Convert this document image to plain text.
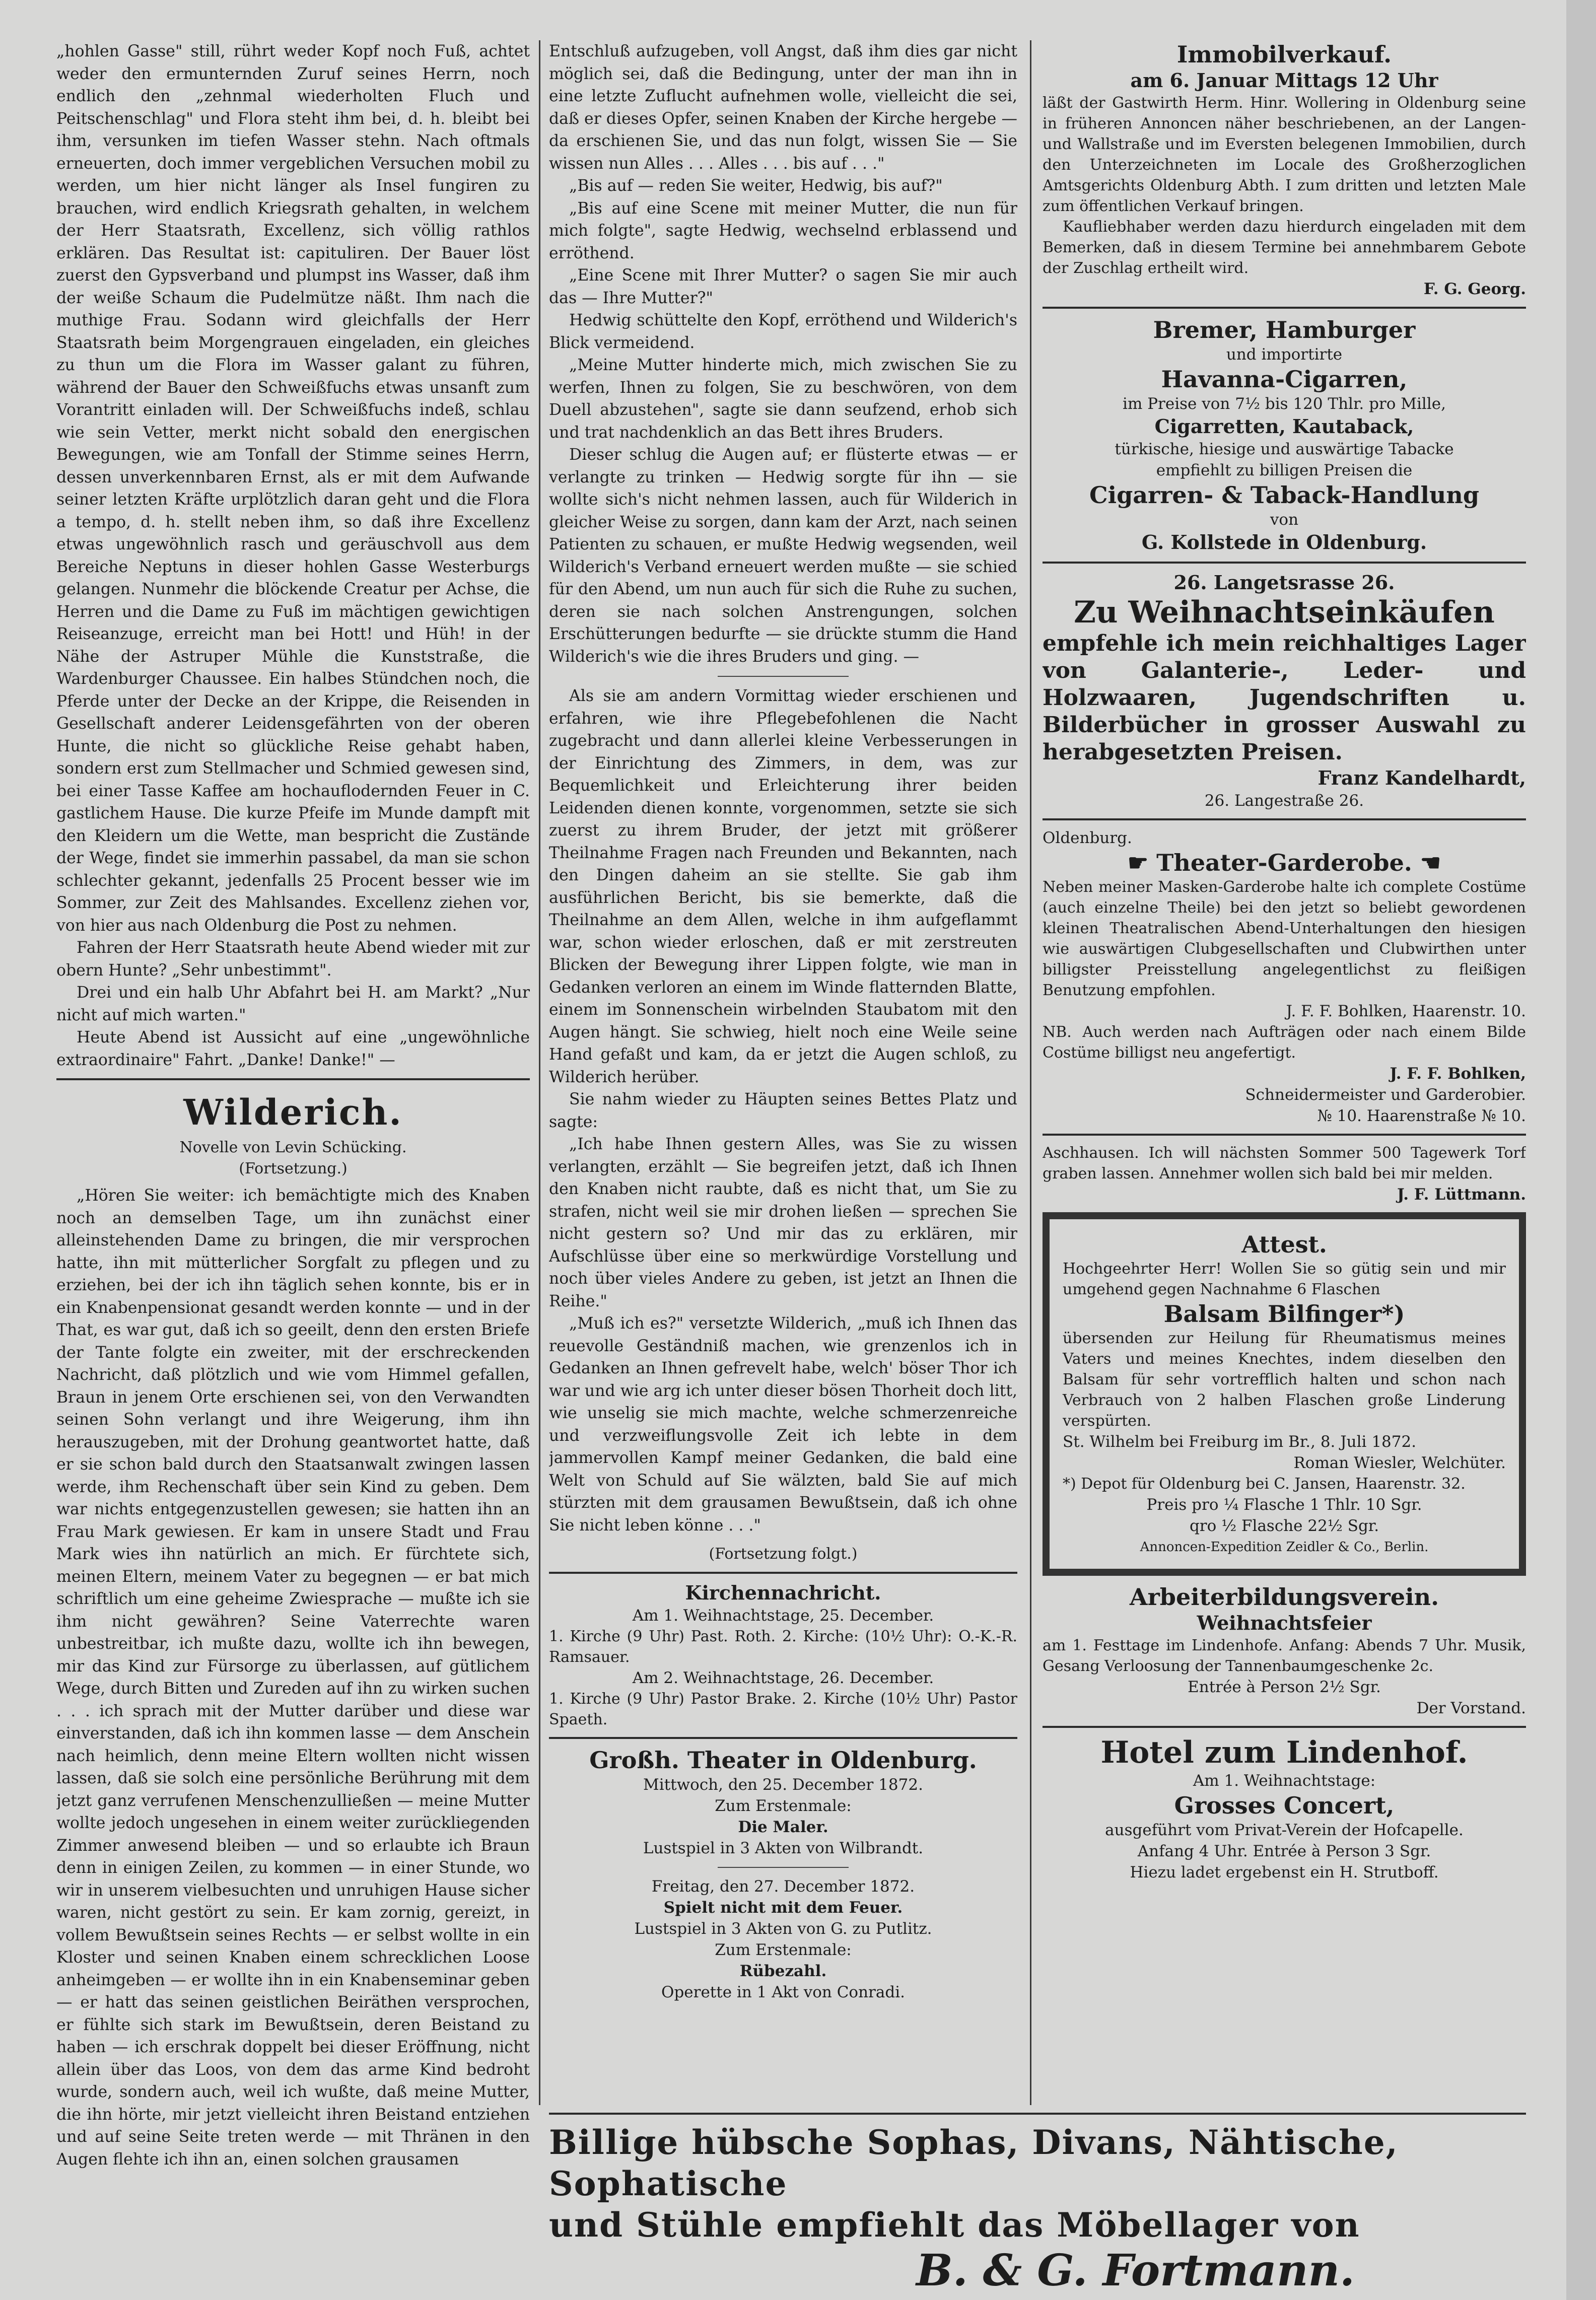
„hohlen Gasse" still, rührt weder Kopf noch Fuß, achtet weder den ermunternden Zuruf seines Herrn, noch endlich den „zehnmal wiederholten Fluch und Peitschenschlag" und Flora steht ihm bei, d. h. bleibt bei ihm, versunken im tiefen Wasser stehn. Nach oftmals erneuerten, doch immer vergeblichen Versuchen mobil zu werden, um hier nicht länger als Insel fungiren zu brauchen, wird endlich Kriegsrath gehalten, in welchem der Herr Staatsrath, Excellenz, sich völlig rathlos erklären. Das Resultat ist: capituliren. Der Bauer löst zuerst den Gypsverband und plumpst ins Wasser, daß ihm der weiße Schaum die Pudelmütze näßt. Ihm nach die muthige Frau. Sodann wird gleichfalls der Herr Staatsrath beim Morgengrauen eingeladen, ein gleiches zu thun um die Flora im Wasser galant zu führen, während der Bauer den Schweißfuchs etwas unsanft zum Vorantritt einladen will. Der Schweißfuchs indeß, schlau wie sein Vetter, merkt nicht sobald den energischen Bewegungen, wie am Tonfall der Stimme seines Herrn, dessen unverkennbaren Ernst, als er mit dem Aufwande seiner letzten Kräfte urplötzlich daran geht und die Flora a tempo, d. h. stellt neben ihm, so daß ihre Excellenz etwas ungewöhnlich rasch und geräuschvoll aus dem Bereiche Neptuns in dieser hohlen Gasse Westerburgs gelangen. Nunmehr die blöckende Creatur per Achse, die Herren und die Dame zu Fuß im mächtigen gewichtigen Reiseanzuge, erreicht man bei Hott! und Hüh! in der Nähe der Astruper Mühle die Kunststraße, die Wardenburger Chaussee. Ein halbes Stündchen noch, die Pferde unter der Decke an der Krippe, die Reisenden in Gesellschaft anderer Leidensgefährten von der oberen Hunte, die nicht so glückliche Reise gehabt haben, sondern erst zum Stellmacher und Schmied gewesen sind, bei einer Tasse Kaffee am hochauflodernden Feuer in C. gastlichem Hause. Die kurze Pfeife im Munde dampft mit den Kleidern um die Wette, man bespricht die Zustände der Wege, findet sie immerhin passabel, da man sie schon schlechter gekannt, jedenfalls 25 Procent besser wie im Sommer, zur Zeit des Mahlsandes. Excellenz ziehen vor, von hier aus nach Oldenburg die Post zu nehmen.

Fahren der Herr Staatsrath heute Abend wieder mit zur obern Hunte? „Sehr unbestimmt".

Drei und ein halb Uhr Abfahrt bei H. am Markt? „Nur nicht auf mich warten."

Heute Abend ist Aussicht auf eine „ungewöhnliche extraordinaire" Fahrt. „Danke! Danke!" —

Wilderich.
Novelle von Levin Schücking.
(Fortsetzung.)

„Hören Sie weiter: ich bemächtigte mich des Knaben noch an demselben Tage, um ihn zunächst einer alleinstehenden Dame zu bringen, die mir versprochen hatte, ihn mit mütterlicher Sorgfalt zu pflegen und zu erziehen, bei der ich ihn täglich sehen konnte, bis er in ein Knabenpensionat gesandt werden konnte — und in der That, es war gut, daß ich so geeilt, denn den ersten Briefe der Tante folgte ein zweiter, mit der erschreckenden Nachricht, daß plötzlich und wie vom Himmel gefallen, Braun in jenem Orte erschienen sei, von den Verwandten seinen Sohn verlangt und ihre Weigerung, ihm ihn herauszugeben, mit der Drohung geantwortet hatte, daß er sie schon bald durch den Staatsanwalt zwingen lassen werde, ihm Rechenschaft über sein Kind zu geben. Dem war nichts entgegenzustellen gewesen; sie hatten ihn an Frau Mark gewiesen. Er kam in unsere Stadt und Frau Mark wies ihn natürlich an mich. Er fürchtete sich, meinen Eltern, meinem Vater zu begegnen — er bat mich schriftlich um eine geheime Zwiesprache — mußte ich sie ihm nicht gewähren? Seine Vaterrechte waren unbestreitbar, ich mußte dazu, wollte ich ihn bewegen, mir das Kind zur Fürsorge zu überlassen, auf gütlichem Wege, durch Bitten und Zureden auf ihn zu wirken suchen . . . ich sprach mit der Mutter darüber und diese war einverstanden, daß ich ihn kommen lasse — dem Anschein nach heimlich, denn meine Eltern wollten nicht wissen lassen, daß sie solch eine persönliche Berührung mit dem jetzt ganz verrufenen Menschenzulließen — meine Mutter wollte jedoch ungesehen in einem weiter zurückliegenden Zimmer anwesend bleiben — und so erlaubte ich Braun denn in einigen Zeilen, zu kommen — in einer Stunde, wo wir in unserem vielbesuchten und unruhigen Hause sicher waren, nicht gestört zu sein. Er kam zornig, gereizt, in vollem Bewußtsein seines Rechts — er selbst wollte in ein Kloster und seinen Knaben einem schrecklichen Loose anheimgeben — er wollte ihn in ein Knabenseminar geben — er hatt das seinen geistlichen Beiräthen versprochen, er fühlte sich stark im Bewußtsein, deren Beistand zu haben — ich erschrak doppelt bei dieser Eröffnung, nicht allein über das Loos, von dem das arme Kind bedroht wurde, sondern auch, weil ich wußte, daß meine Mutter, die ihn hörte, mir jetzt vielleicht ihren Beistand entziehen und auf seine Seite treten werde — mit Thränen in den Augen flehte ich ihn an, einen solchen grausamen

Entschluß aufzugeben, voll Angst, daß ihm dies gar nicht möglich sei, daß die Bedingung, unter der man ihn in eine letzte Zuflucht aufnehmen wolle, vielleicht die sei, daß er dieses Opfer, seinen Knaben der Kirche hergebe — da erschienen Sie, und das nun folgt, wissen Sie — Sie wissen nun Alles . . . Alles . . . bis auf . . ."

„Bis auf — reden Sie weiter, Hedwig, bis auf?"

„Bis auf eine Scene mit meiner Mutter, die nun für mich folgte", sagte Hedwig, wechselnd erblassend und erröthend.

„Eine Scene mit Ihrer Mutter? o sagen Sie mir auch das — Ihre Mutter?"

Hedwig schüttelte den Kopf, erröthend und Wilderich's Blick vermeidend.

„Meine Mutter hinderte mich, mich zwischen Sie zu werfen, Ihnen zu folgen, Sie zu beschwören, von dem Duell abzustehen", sagte sie dann seufzend, erhob sich und trat nachdenklich an das Bett ihres Bruders.

Dieser schlug die Augen auf; er flüsterte etwas — er verlangte zu trinken — Hedwig sorgte für ihn — sie wollte sich's nicht nehmen lassen, auch für Wilderich in gleicher Weise zu sorgen, dann kam der Arzt, nach seinen Patienten zu schauen, er mußte Hedwig wegsenden, weil Wilderich's Verband erneuert werden mußte — sie schied für den Abend, um nun auch für sich die Ruhe zu suchen, deren sie nach solchen Anstrengungen, solchen Erschütterungen bedurfte — sie drückte stumm die Hand Wilderich's wie die ihres Bruders und ging. —

Als sie am andern Vormittag wieder erschienen und erfahren, wie ihre Pflegebefohlenen die Nacht zugebracht und dann allerlei kleine Verbesserungen in der Einrichtung des Zimmers, in dem, was zur Bequemlichkeit und Erleichterung ihrer beiden Leidenden dienen konnte, vorgenommen, setzte sie sich zuerst zu ihrem Bruder, der jetzt mit größerer Theilnahme Fragen nach Freunden und Bekannten, nach den Dingen daheim an sie stellte. Sie gab ihm ausführlichen Bericht, bis sie bemerkte, daß die Theilnahme an dem Allen, welche in ihm aufgeflammt war, schon wieder erloschen, daß er mit zerstreuten Blicken der Bewegung ihrer Lippen folgte, wie man in Gedanken verloren an einem im Winde flatternden Blatte, einem im Sonnenschein wirbelnden Staubatom mit den Augen hängt. Sie schwieg, hielt noch eine Weile seine Hand gefaßt und kam, da er jetzt die Augen schloß, zu Wilderich herüber.

Sie nahm wieder zu Häupten seines Bettes Platz und sagte:

„Ich habe Ihnen gestern Alles, was Sie zu wissen verlangten, erzählt — Sie begreifen jetzt, daß ich Ihnen den Knaben nicht raubte, daß es nicht that, um Sie zu strafen, nicht weil sie mir drohen ließen — sprechen Sie nicht gestern so? Und mir das zu erklären, mir Aufschlüsse über eine so merkwürdige Vorstellung und noch über vieles Andere zu geben, ist jetzt an Ihnen die Reihe."

„Muß ich es?" versetzte Wilderich, „muß ich Ihnen das reuevolle Geständniß machen, wie grenzenlos ich in Gedanken an Ihnen gefrevelt habe, welch' böser Thor ich war und wie arg ich unter dieser bösen Thorheit doch litt, wie unselig sie mich machte, welche schmerzenreiche und verzweiflungsvolle Zeit ich lebte in dem jammervollen Kampf meiner Gedanken, die bald eine Welt von Schuld auf Sie wälzten, bald Sie auf mich stürzten mit dem grausamen Bewußtsein, daß ich ohne Sie nicht leben könne . . ."

(Fortsetzung folgt.)
Kirchennachricht.
Am 1. Weihnachtstage, 25. December.
1. Kirche (9 Uhr) Past. Roth. 2. Kirche: (10½ Uhr): O.-K.-R. Ramsauer.
Am 2. Weihnachtstage, 26. December.
1. Kirche (9 Uhr) Pastor Brake. 2. Kirche (10½ Uhr) Pastor Spaeth.
Großh. Theater in Oldenburg.
Mittwoch, den 25. December 1872.
Zum Erstenmale:
Die Maler.
Lustspiel in 3 Akten von Wilbrandt.
Freitag, den 27. December 1872.
Spielt nicht mit dem Feuer.
Lustspiel in 3 Akten von G. zu Putlitz.
Zum Erstenmale:
Rübezahl.
Operette in 1 Akt von Conradi.
Immobilverkauf.
am 6. Januar Mittags 12 Uhr
läßt der Gastwirth Herm. Hinr. Wollering in Oldenburg seine in früheren Annoncen näher beschriebenen, an der Langen- und Wallstraße und im Eversten belegenen Immobilien, durch den Unterzeichneten im Locale des Großherzoglichen Amtsgerichts Oldenburg Abth. I zum dritten und letzten Male zum öffentlichen Verkauf bringen.
Kaufliebhaber werden dazu hierdurch eingeladen mit dem Bemerken, daß in diesem Termine bei annehmbarem Gebote der Zuschlag ertheilt wird.
F. G. Georg.
Bremer, Hamburger
und importirte
Havanna-Cigarren,
im Preise von 7½ bis 120 Thlr. pro Mille,
Cigarretten, Kautaback,
türkische, hiesige und auswärtige Tabacke
empfiehlt zu billigen Preisen die
Cigarren- & Taback-Handlung
von
G. Kollstede in Oldenburg.
26. Langetsrasse 26.
Zu Weihnachtseinkäufen
empfehle ich mein reichhaltiges Lager von Galanterie-, Leder- und Holzwaaren, Jugendschriften u. Bilderbücher in grosser Auswahl zu herabgesetzten Preisen.
Franz Kandelhardt,
26. Langestraße 26.
Oldenburg.
☛ Theater-Garderobe. ☚
Neben meiner Masken-Garderobe halte ich complete Costüme (auch einzelne Theile) bei den jetzt so beliebt gewordenen kleinen Theatralischen Abend-Unterhaltungen den hiesigen wie auswärtigen Clubgesellschaften und Clubwirthen unter billigster Preisstellung angelegentlichst zu fleißigen Benutzung empfohlen.
J. F. F. Bohlken, Haarenstr. 10.
NB. Auch werden nach Aufträgen oder nach einem Bilde Costüme billigst neu angefertigt.
J. F. F. Bohlken,
Schneidermeister und Garderobier.
№ 10. Haarenstraße № 10.
Aschhausen. Ich will nächsten Sommer 500 Tagewerk Torf graben lassen. Annehmer wollen sich bald bei mir melden.
J. F. Lüttmann.
Attest.
Hochgeehrter Herr! Wollen Sie so gütig sein und mir umgehend gegen Nachnahme 6 Flaschen
Balsam Bilfinger*)
übersenden zur Heilung für Rheumatismus meines Vaters und meines Knechtes, indem dieselben den Balsam für sehr vortrefflich halten und schon nach Verbrauch von 2 halben Flaschen große Linderung verspürten.
St. Wilhelm bei Freiburg im Br., 8. Juli 1872.
Roman Wiesler, Welchüter.
*) Depot für Oldenburg bei C. Jansen, Haarenstr. 32.
Preis pro ¼ Flasche 1 Thlr. 10 Sgr.
qro ½ Flasche 22½ Sgr.
Annoncen-Expedition Zeidler & Co., Berlin.
Arbeiterbildungsverein.
Weihnachtsfeier
am 1. Festtage im Lindenhofe. Anfang: Abends 7 Uhr. Musik, Gesang Verloosung der Tannenbaumgeschenke 2c.
Entrée à Person 2½ Sgr.
Der Vorstand.
Hotel zum Lindenhof.
Am 1. Weihnachtstage:
Grosses Concert,
ausgeführt vom Privat-Verein der Hofcapelle.
Anfang 4 Uhr. Entrée à Person 3 Sgr.
Hiezu ladet ergebenst ein H. Strutboff.
Billige hübsche Sophas, Divans, Nähtische, Sophatische
und Stühle empfiehlt das Möbellager von
B. & G. Fortmann.
